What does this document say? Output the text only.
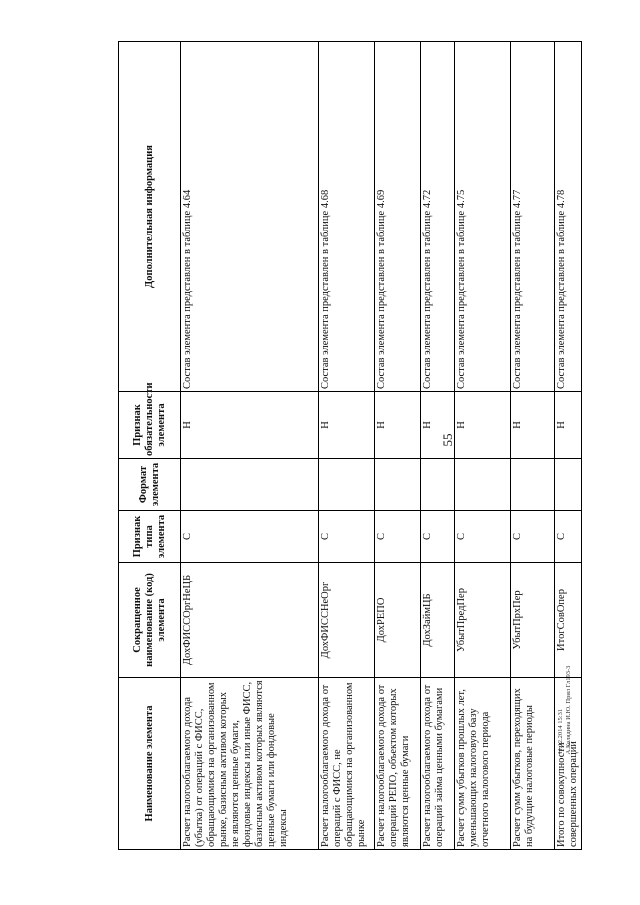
55
11.12.2014 15:31 А.Колядина И.Ю. Прил Гл193-3
Наименование элемента	Сокращенное наименование (код) элемента	Признак типа элемента	Формат элемента	Признак обязательности элемента	Дополнительная информация
Расчет налогооблагаемого дохода (убытка) от операций с ФИСС, обращающимися на организованном рынке, базисным активом которых не являются ценные бумаги, фондовые индексы или иные ФИСС, базисным активом которых являются ценные бумаги или фондовые индексы	ДохФИССОргНеЦБ	С		Н	Состав элемента представлен в таблице 4.64
Расчет налогооблагаемого дохода от операций с ФИСС, не обращающимися на организованном рынке	ДохФИССНеОрг	С		Н	Состав элемента представлен в таблице 4.68
Расчет налогооблагаемого дохода от операций РЕПО, объектом которых являются ценные бумаги	ДохРЕПО	С		Н	Состав элемента представлен в таблице 4.69
Расчет налогооблагаемого дохода от операций займа ценными бумагами	ДохЗаймЦБ	С		Н	Состав элемента представлен в таблице 4.72
Расчет сумм убытков прошлых лет, уменьшающих налоговую базу отчетного налогового периода	УбытПредПер	С		Н	Состав элемента представлен в таблице 4.75
Расчет сумм убытков, переходящих на будущие налоговые периоды	УбытПрхПер	С		Н	Состав элемента представлен в таблице 4.77
Итого по совокупности совершенных операций	ИтогСовОпер	С		Н	Состав элемента представлен в таблице 4.78
